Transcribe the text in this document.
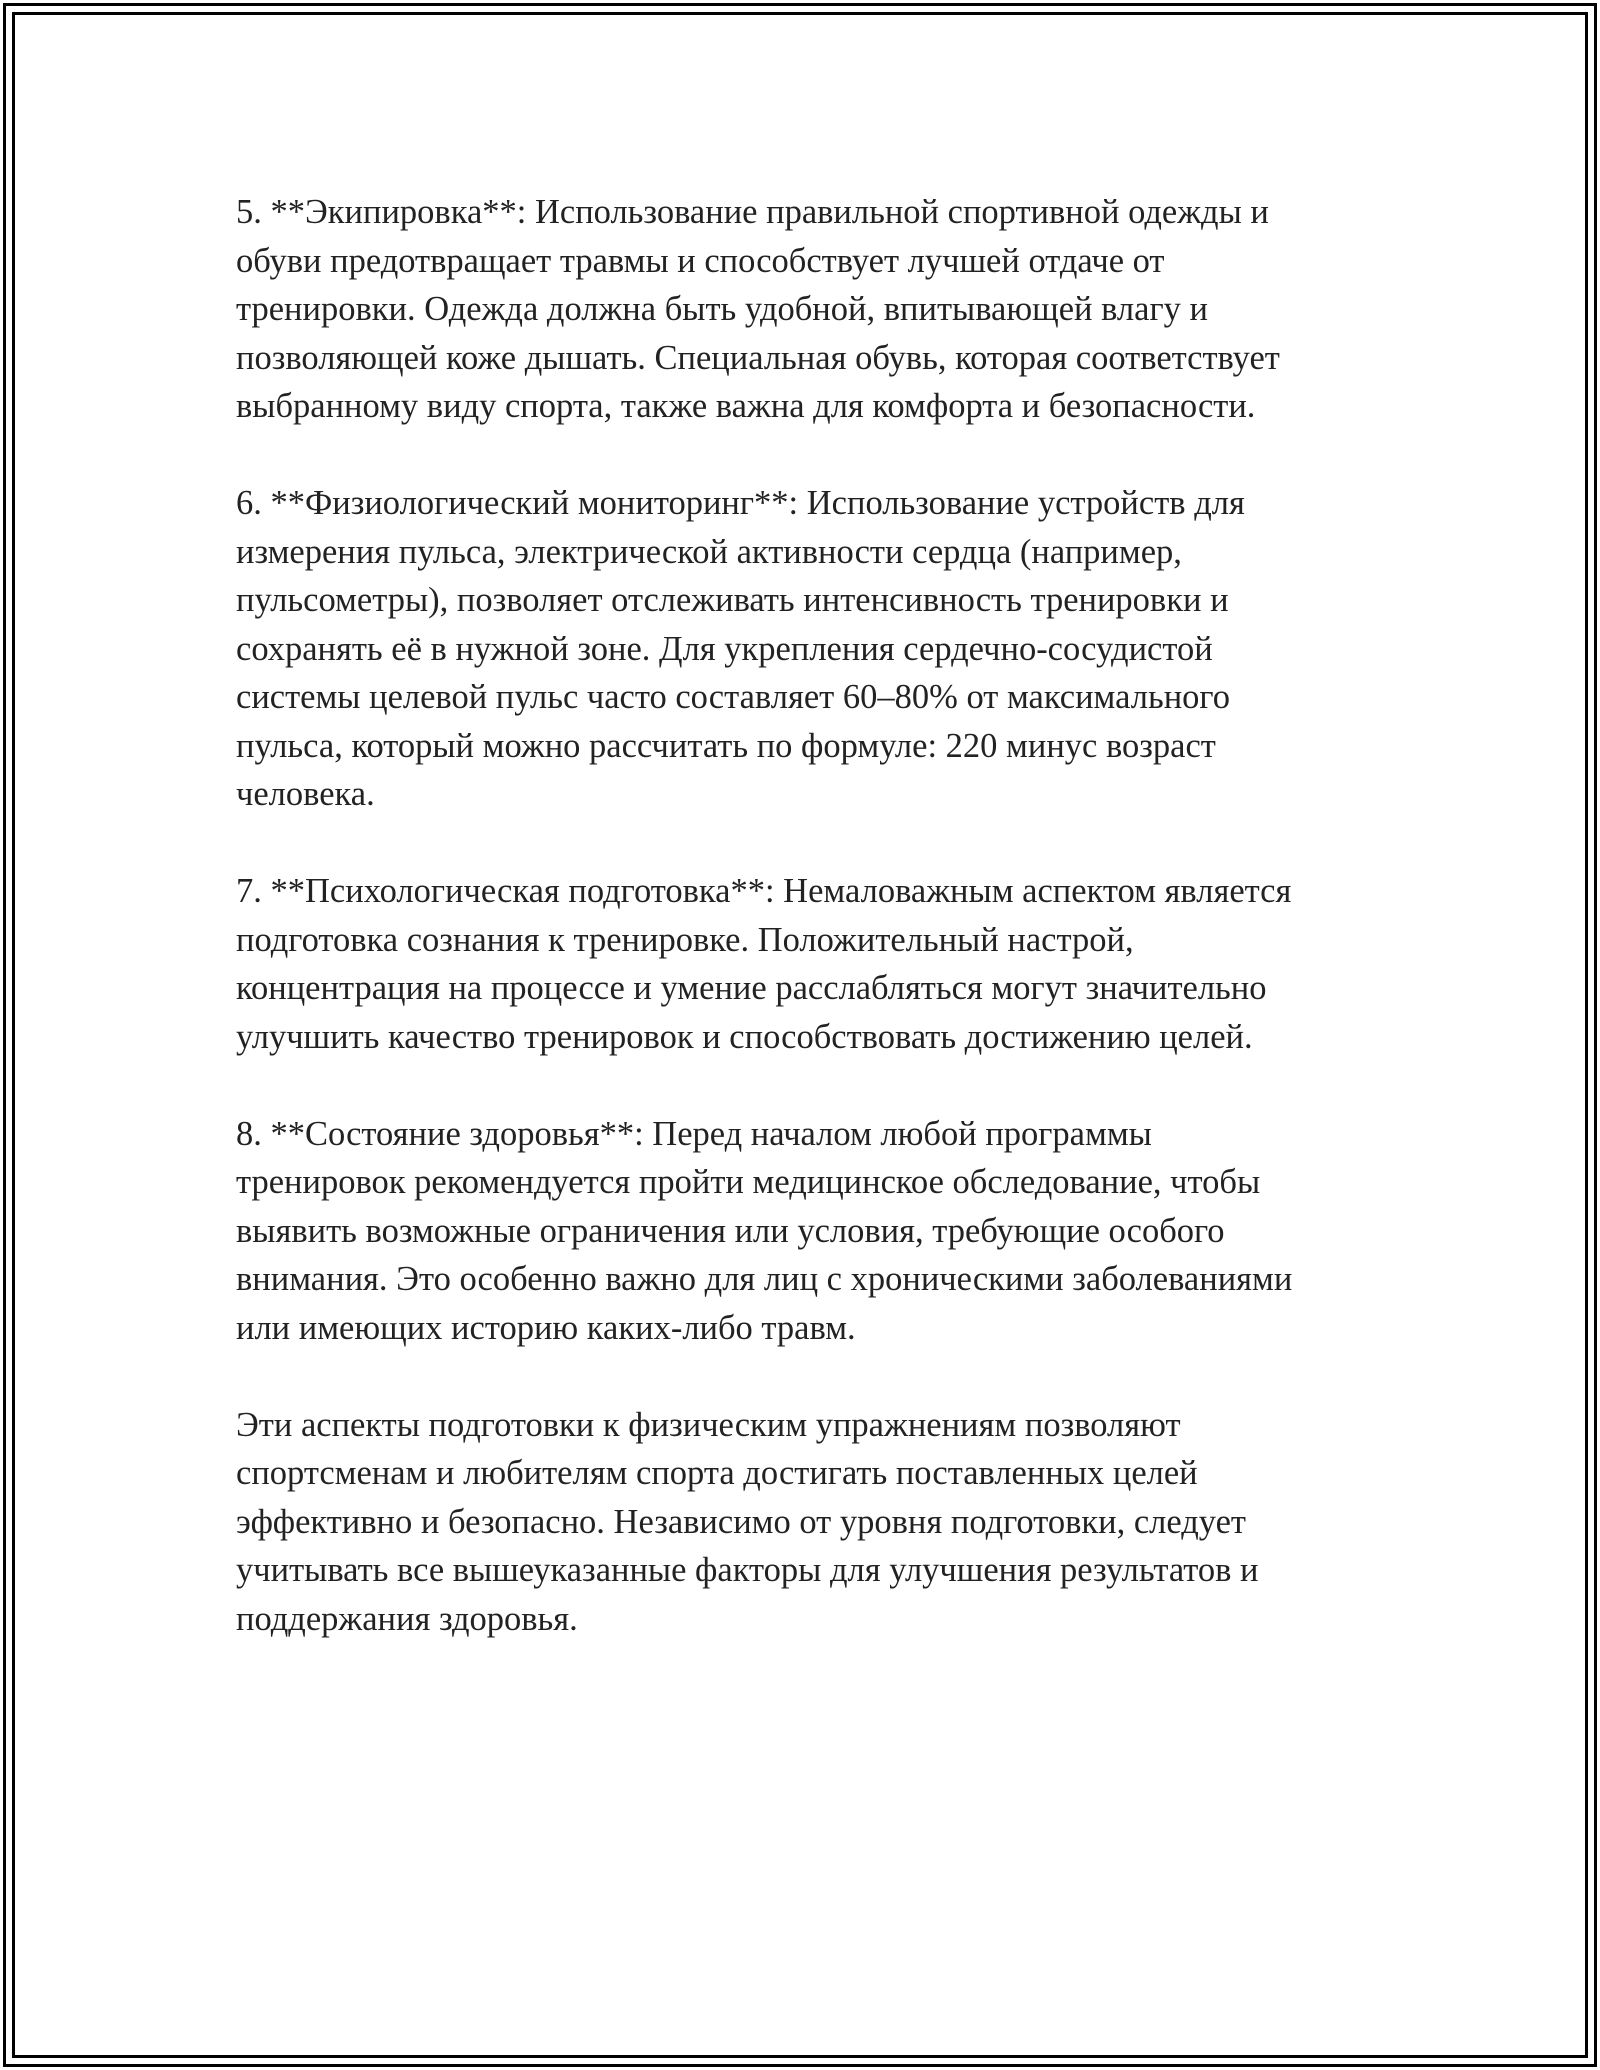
5. **Экипировка**: Использование правильной спортивной одежды и
обуви предотвращает травмы и способствует лучшей отдаче от
тренировки. Одежда должна быть удобной, впитывающей влагу и
позволяющей коже дышать. Специальная обувь, которая соответствует
выбранному виду спорта, также важна для комфорта и безопасности.

6. **Физиологический мониторинг**: Использование устройств для
измерения пульса, электрической активности сердца (например,
пульсометры), позволяет отслеживать интенсивность тренировки и
сохранять её в нужной зоне. Для укрепления сердечно-сосудистой
системы целевой пульс часто составляет 60–80% от максимального
пульса, который можно рассчитать по формуле: 220 минус возраст
человека.

7. **Психологическая подготовка**: Немаловажным аспектом является
подготовка сознания к тренировке. Положительный настрой,
концентрация на процессе и умение расслабляться могут значительно
улучшить качество тренировок и способствовать достижению целей.

8. **Состояние здоровья**: Перед началом любой программы
тренировок рекомендуется пройти медицинское обследование, чтобы
выявить возможные ограничения или условия, требующие особого
внимания. Это особенно важно для лиц с хроническими заболеваниями
или имеющих историю каких-либо травм.

Эти аспекты подготовки к физическим упражнениям позволяют
спортсменам и любителям спорта достигать поставленных целей
эффективно и безопасно. Независимо от уровня подготовки, следует
учитывать все вышеуказанные факторы для улучшения результатов и
поддержания здоровья.
